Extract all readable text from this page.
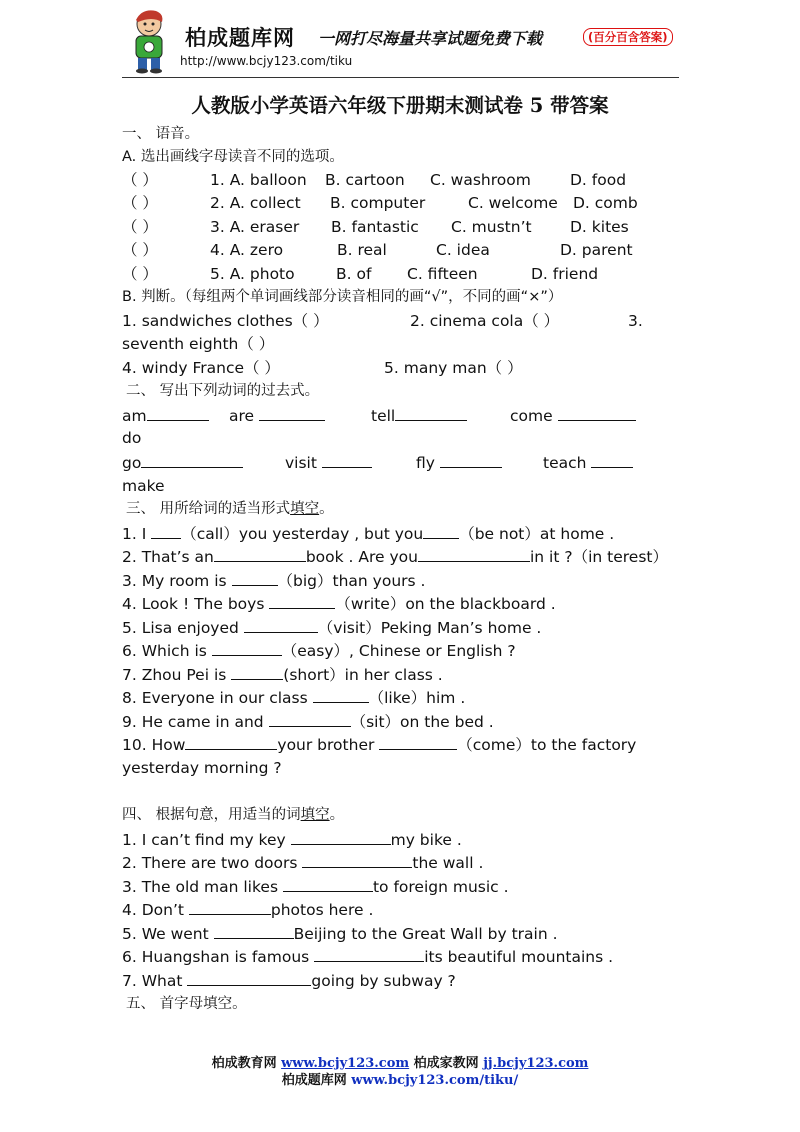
柏成题库网 一网打尽海量共享试题免费下载	(百分百含答案)
http://www.bcjy123.com/tiku
人教版小学英语六年级下册期末测试卷 5 带答案
一、 语音。
A. 选出画线字母读音不同的选项。
（ ）	1. A. balloon B. cartoon C. washroom	D. food
（ ）	2. A. collect B. computer	C. welcome D. comb
（ ）	3. A. eraser B. fantastic C. mustn’t D. kites
（ ）	4. A. zero	B. real	C. idea	D. parent
（ ）	5. A. photo	B. of C. fifteen	D. friend
B. 判断。（每组两个单词画线部分读音相同的画“√”，不同的画“×”）
1. sandwiches clothes（ ）	2. cinema cola（ ）	3.
seventh eighth（ ）
4. windy France（ ）	5. many man（ ）
二、 写出下列动词的过去式。
am	are	tell	come
do
go	visit	fly	teach
make
三、 用所给词的适当形式填空。
1. I （call）you yesterday , but you （be not）at home .
2. That’s an	book . Are you	in it ?（in terest）
3. My room is	（big）than yours .
4. Look ! The boys	（write）on the blackboard .
5. Lisa enjoyed	（visit）Peking Man’s home .
6. Which is	（easy）, Chinese or English ?
7. Zhou Pei is	(short）in her class .
8. Everyone in our class	（like）him .
9. He came in and	（sit）on the bed .
10. How	your brother	（come）to the factory
yesterday morning ?
四、 根据句意，用适当的词填空。
1. I can’t find my key	my bike .
2. There are two doors	the wall .
3. The old man likes	to foreign music .
4. Don’t	photos here .
5. We went	Beijing to the Great Wall by train .
6. Huangshan is famous	its beautiful mountains .
7. What	going by subway ?
五、 首字母填空。
柏成教育网 www.bcjy123.com 柏成家教网 jj.bcjy123.com
柏成题库网 www.bcjy123.com/tiku/
